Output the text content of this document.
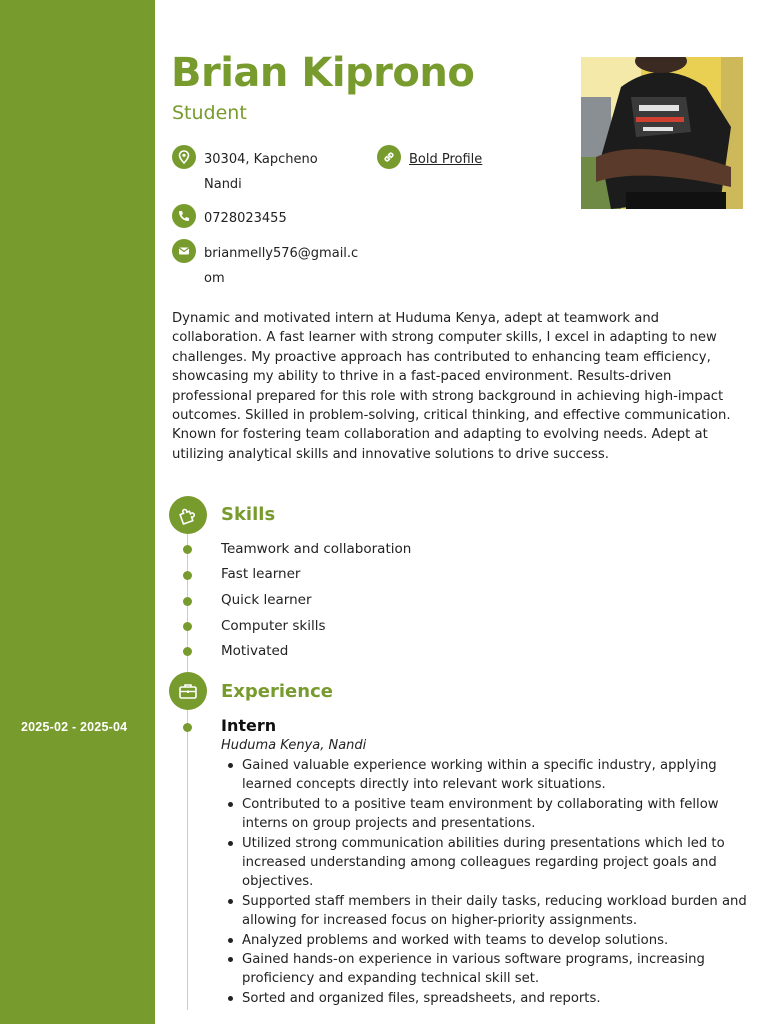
2025-02 - 2025-04
Brian Kiprono
Student
30304, Kapcheno
Nandi
Bold Profile
0728023455
brianmelly576@gmail.c
om

Dynamic and motivated intern at Huduma Kenya, adept at teamwork and collaboration. A fast learner with strong computer skills, I excel in adapting to new challenges. My proactive approach has contributed to enhancing team efficiency, showcasing my ability to thrive in a fast-paced environment. Results-driven professional prepared for this role with strong background in achieving high-impact outcomes. Skilled in problem-solving, critical thinking, and effective communication. Known for fostering team collaboration and adapting to evolving needs. Adept at utilizing analytical skills and innovative solutions to drive success.

Skills
Teamwork and collaboration
Fast learner
Quick learner
Computer skills
Motivated
Experience
Intern
Huduma Kenya, Nandi
Gained valuable experience working within a specific industry, applying learned concepts directly into relevant work situations.
Contributed to a positive team environment by collaborating with fellow interns on group projects and presentations.
Utilized strong communication abilities during presentations which led to increased understanding among colleagues regarding project goals and objectives.
Supported staff members in their daily tasks, reducing workload burden and allowing for increased focus on higher-priority assignments.
Analyzed problems and worked with teams to develop solutions.
Gained hands-on experience in various software programs, increasing proficiency and expanding technical skill set.
Sorted and organized files, spreadsheets, and reports.
